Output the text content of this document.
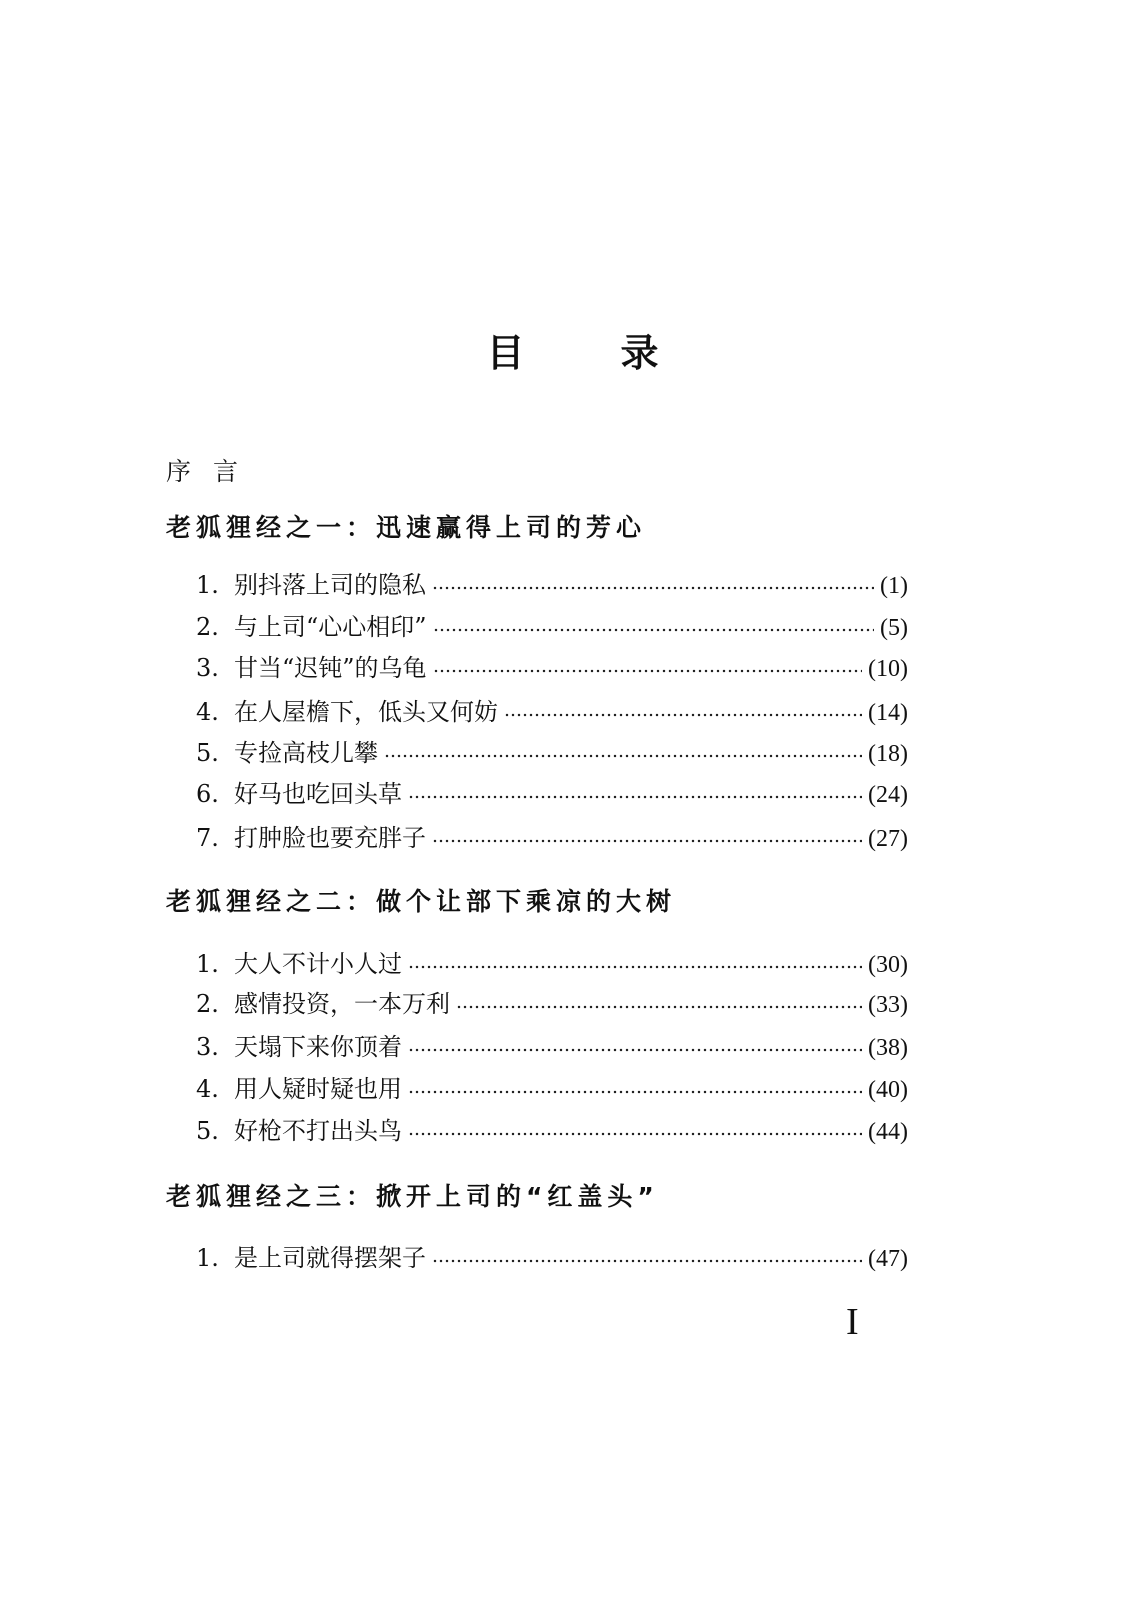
目	录

序言

老狐狸经之一：迅速赢得上司的芳心
1. 别抖落上司的隐私	(1)
2. 与上司“心心相印”	(5)
3. 甘当“迟钝”的乌龟	(10)
4. 在人屋檐下，低头又何妨	(14)
5. 专捡高枝儿攀	(18)
6. 好马也吃回头草	(24)
7. 打肿脸也要充胖子	(27)
老狐狸经之二：做个让部下乘凉的大树
1. 大人不计小人过	(30)
2. 感情投资，一本万利	(33)
3. 天塌下来你顶着	(38)
4. 用人疑时疑也用	(40)
5. 好枪不打出头鸟	(44)
老狐狸经之三：掀开上司的“红盖头”
1. 是上司就得摆架子	(47)

I
